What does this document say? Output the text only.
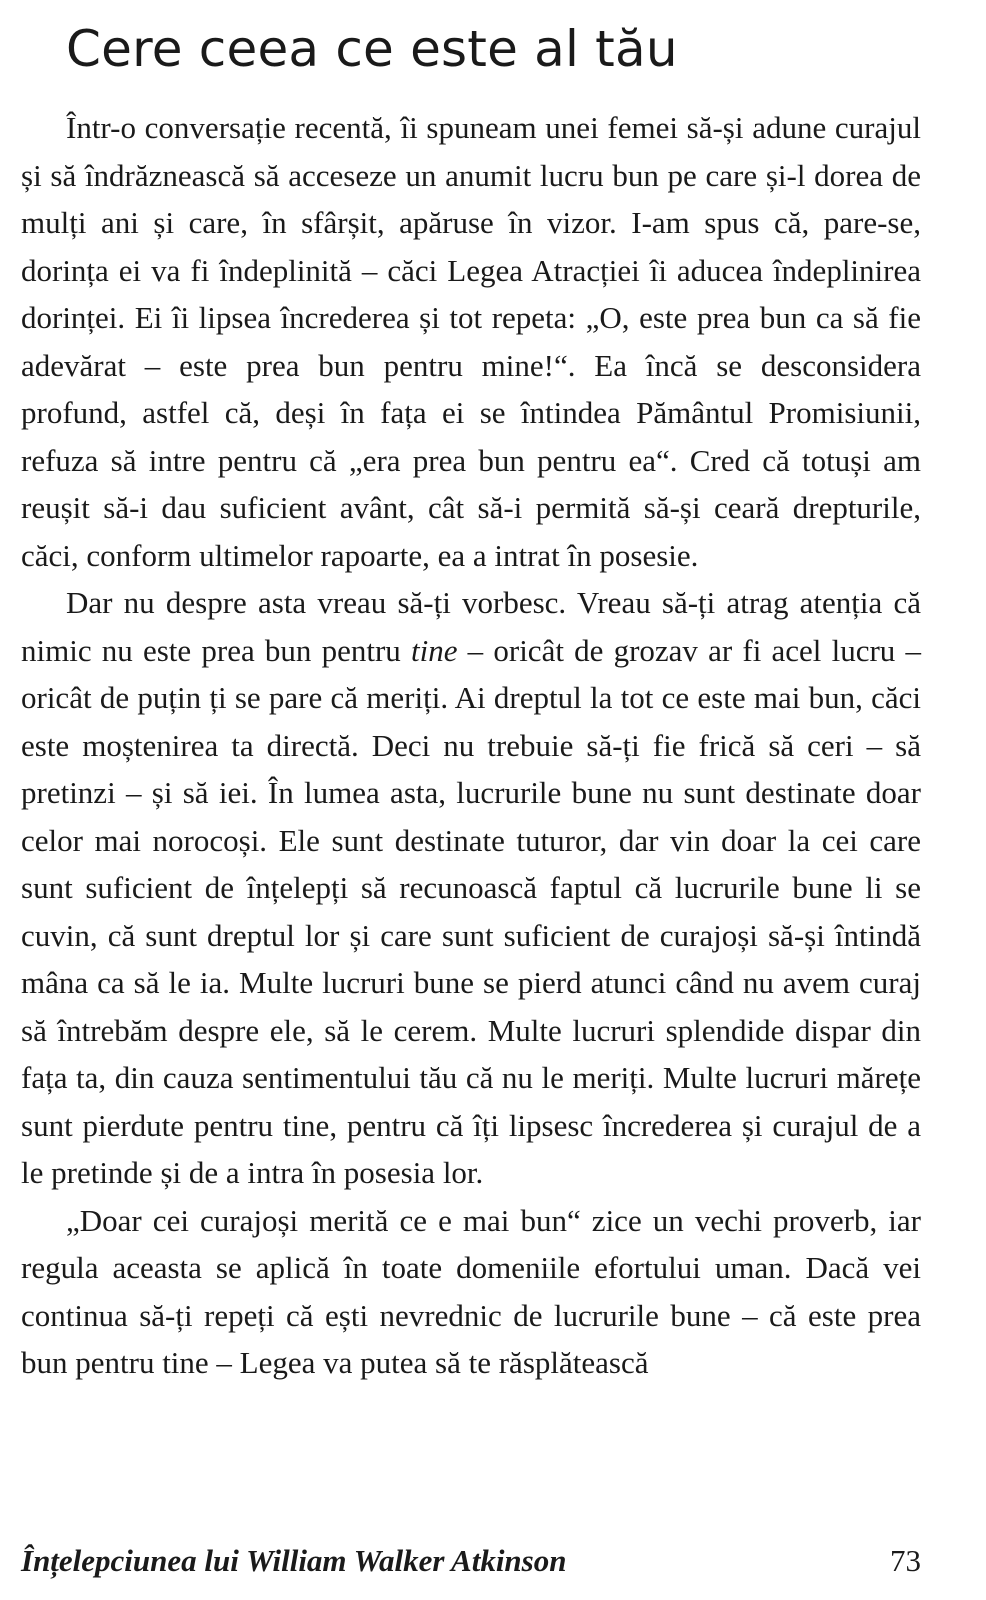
Cere ceea ce este al tău

Într-o conversație recentă, îi spuneam unei femei să-și adune curajul și să îndrăznească să acceseze un anumit lucru bun pe care și-l dorea de mulți ani și care, în sfârșit, apăruse în vizor. I-am spus că, pare-se, dorința ei va fi îndeplinită – căci Legea Atracției îi aducea îndeplinirea dorinței. Ei îi lipsea încrederea și tot repeta: „O, este prea bun ca să fie adevărat – este prea bun pentru mine!“. Ea încă se desconsidera profund, astfel că, deși în fața ei se întindea Pământul Promisiunii, refuza să intre pentru că „era prea bun pentru ea“. Cred că totuși am reușit să-i dau suficient avânt, cât să-i permită să-și ceară drepturile, căci, conform ultimelor rapoarte, ea a intrat în posesie.

Dar nu despre asta vreau să-ți vorbesc. Vreau să-ți atrag atenția că nimic nu este prea bun pentru tine – oricât de grozav ar fi acel lucru – oricât de puțin ți se pare că meriți. Ai dreptul la tot ce este mai bun, căci este moștenirea ta directă. Deci nu trebuie să-ți fie frică să ceri – să pretinzi – și să iei. În lumea asta, lucrurile bune nu sunt destinate doar celor mai norocoși. Ele sunt destinate tuturor, dar vin doar la cei care sunt suficient de înțelepți să recunoască faptul că lucrurile bune li se cuvin, că sunt dreptul lor și care sunt suficient de curajoși să-și întindă mâna ca să le ia. Multe lucruri bune se pierd atunci când nu avem curaj să întrebăm despre ele, să le cerem. Multe lucruri splendide dispar din fața ta, din cauza sentimentului tău că nu le meriți. Multe lucruri mărețe sunt pierdute pentru tine, pentru că îți lipsesc încrederea și curajul de a le pretinde și de a intra în posesia lor.

„Doar cei curajoși merită ce e mai bun“ zice un vechi proverb, iar regula aceasta se aplică în toate domeniile efortului uman. Dacă vei continua să-ți repeți că ești nevrednic de lucrurile bune – că este prea bun pentru tine – Legea va putea să te răsplătească

Înțelepciunea lui William Walker Atkinson	73
